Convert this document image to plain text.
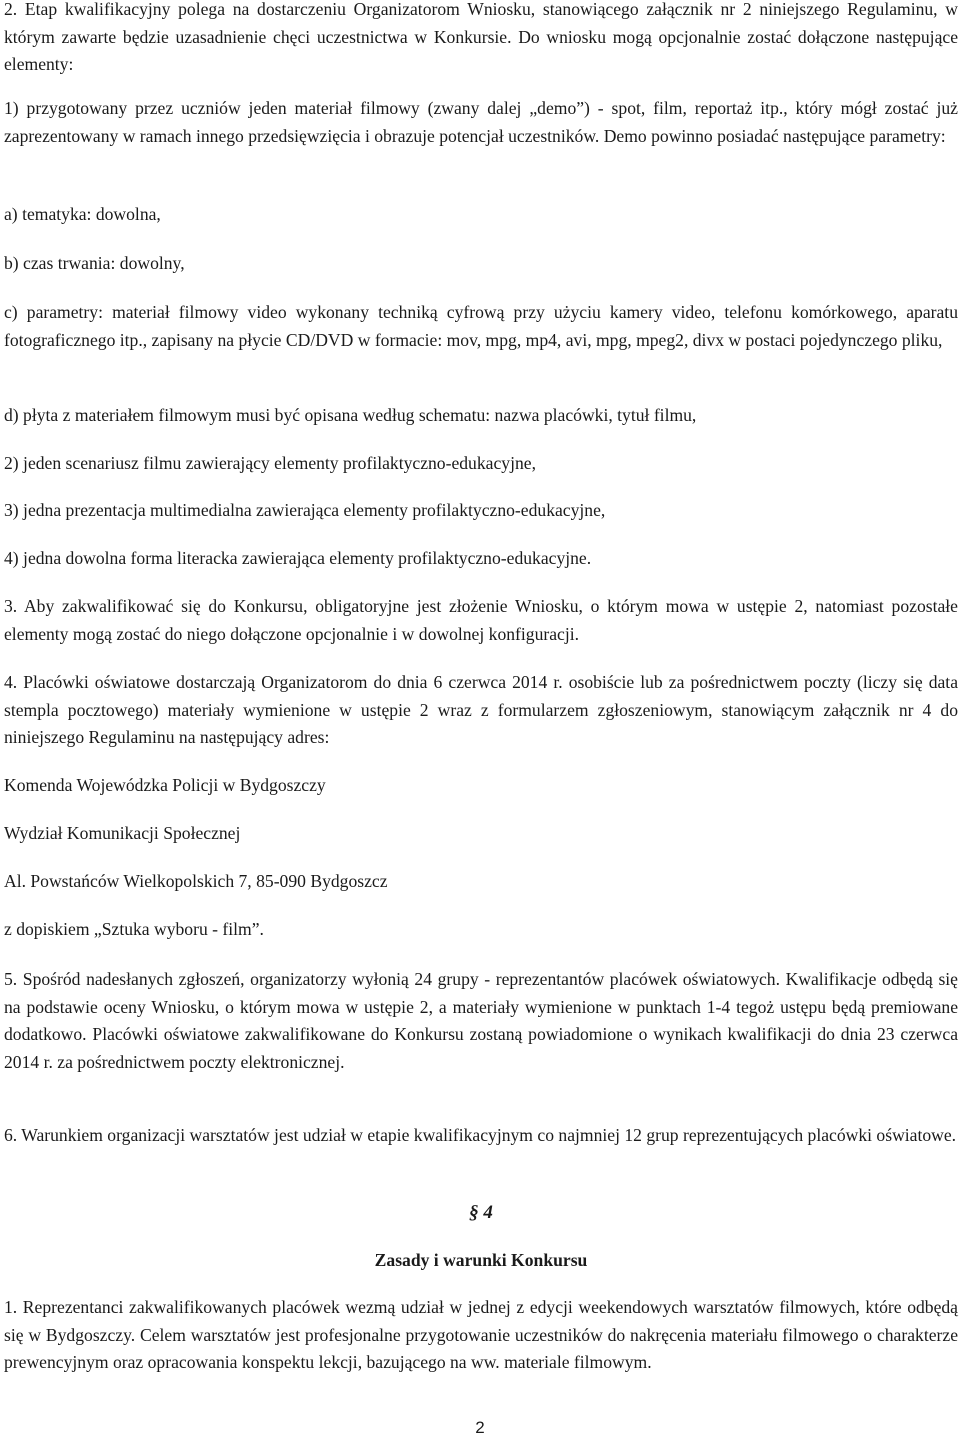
2. Etap kwalifikacyjny polega na dostarczeniu Organizatorom Wniosku, stanowiącego załącznik nr 2 niniejszego Regulaminu, w którym zawarte będzie uzasadnienie chęci uczestnictwa w Konkursie. Do wniosku mogą opcjonalnie zostać dołączone następujące elementy:

1) przygotowany przez uczniów jeden materiał filmowy (zwany dalej „demo”) - spot, film, reportaż itp., który mógł zostać już zaprezentowany w ramach innego przedsięwzięcia i obrazuje potencjał uczestników. Demo powinno posiadać następujące parametry:

a) tematyka: dowolna,

b) czas trwania: dowolny,

c) parametry: materiał filmowy video wykonany techniką cyfrową przy użyciu kamery video, telefonu komórkowego, aparatu fotograficznego itp., zapisany na płycie CD/DVD w formacie: mov, mpg, mp4, avi, mpg, mpeg2, divx w postaci pojedynczego pliku,

d) płyta z materiałem filmowym musi być opisana według schematu: nazwa placówki, tytuł filmu,

2) jeden scenariusz filmu zawierający elementy profilaktyczno-edukacyjne,

3) jedna prezentacja multimedialna zawierająca elementy profilaktyczno-edukacyjne,

4) jedna dowolna forma literacka zawierająca elementy profilaktyczno-edukacyjne.

3. Aby zakwalifikować się do Konkursu, obligatoryjne jest złożenie Wniosku, o którym mowa w ustępie 2, natomiast pozostałe elementy mogą zostać do niego dołączone opcjonalnie i w dowolnej konfiguracji.

4. Placówki oświatowe dostarczają Organizatorom do dnia 6 czerwca 2014 r. osobiście lub za pośrednictwem poczty (liczy się data stempla pocztowego) materiały wymienione w ustępie 2 wraz z formularzem zgłoszeniowym, stanowiącym załącznik nr 4 do niniejszego Regulaminu na następujący adres:

Komenda Wojewódzka Policji w Bydgoszczy

Wydział Komunikacji Społecznej

Al. Powstańców Wielkopolskich 7, 85-090 Bydgoszcz

z dopiskiem „Sztuka wyboru - film”.

5. Spośród nadesłanych zgłoszeń, organizatorzy wyłonią 24 grupy - reprezentantów placówek oświatowych. Kwalifikacje odbędą się na podstawie oceny Wniosku, o którym mowa w ustępie 2, a materiały wymienione w punktach 1-4 tegoż ustępu będą premiowane dodatkowo. Placówki oświatowe zakwalifikowane do Konkursu zostaną powiadomione o wynikach kwalifikacji do dnia 23 czerwca 2014 r. za pośrednictwem poczty elektronicznej.

6. Warunkiem organizacji warsztatów jest udział w etapie kwalifikacyjnym co najmniej 12 grup reprezentujących placówki oświatowe.

§ 4

Zasady i warunki Konkursu

1. Reprezentanci zakwalifikowanych placówek wezmą udział w jednej z edycji weekendowych warsztatów filmowych, które odbędą się w Bydgoszczy. Celem warsztatów jest profesjonalne przygotowanie uczestników do nakręcenia materiału filmowego o charakterze prewencyjnym oraz opracowania konspektu lekcji, bazującego na ww. materiale filmowym.

2
